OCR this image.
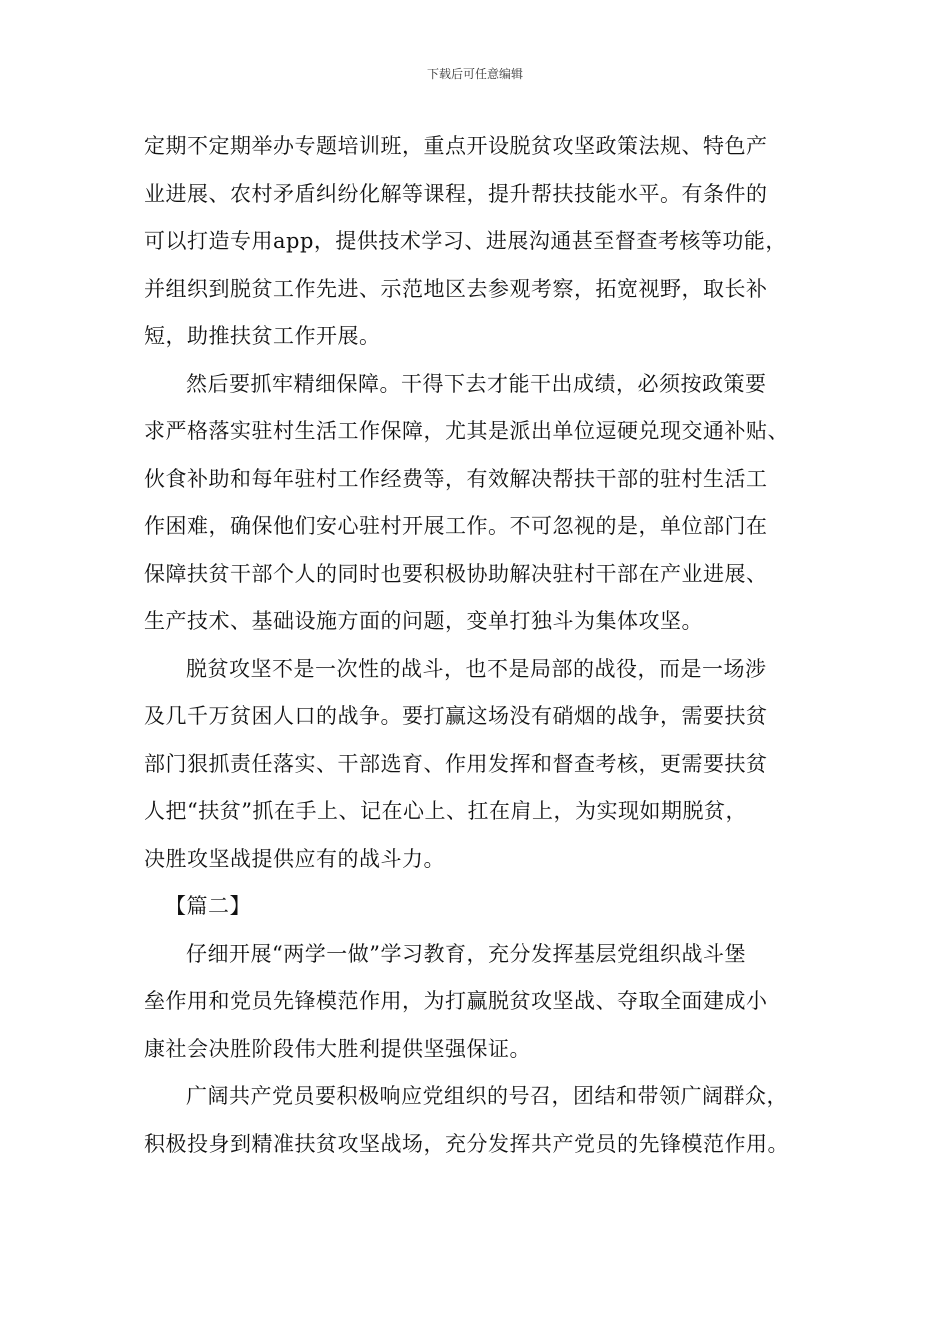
下载后可任意编辑

定期不定期举办专题培训班，重点开设脱贫攻坚政策法规、特色产
业进展、农村矛盾纠纷化解等课程，提升帮扶技能水平。有条件的
可以打造专用app，提供技术学习、进展沟通甚至督查考核等功能，
并组织到脱贫工作先进、示范地区去参观考察，拓宽视野，取长补
短，助推扶贫工作开展。

然后要抓牢精细保障。干得下去才能干出成绩，必须按政策要
求严格落实驻村生活工作保障，尤其是派出单位逗硬兑现交通补贴、
伙食补助和每年驻村工作经费等，有效解决帮扶干部的驻村生活工
作困难，确保他们安心驻村开展工作。不可忽视的是，单位部门在
保障扶贫干部个人的同时也要积极协助解决驻村干部在产业进展、
生产技术、基础设施方面的问题，变单打独斗为集体攻坚。

脱贫攻坚不是一次性的战斗，也不是局部的战役，而是一场涉
及几千万贫困人口的战争。要打赢这场没有硝烟的战争，需要扶贫
部门狠抓责任落实、干部选育、作用发挥和督查考核，更需要扶贫
人把“扶贫”抓在手上、记在心上、扛在肩上，为实现如期脱贫，
决胜攻坚战提供应有的战斗力。

【篇二】

仔细开展“两学一做”学习教育，充分发挥基层党组织战斗堡
垒作用和党员先锋模范作用，为打赢脱贫攻坚战、夺取全面建成小
康社会决胜阶段伟大胜利提供坚强保证。

广阔共产党员要积极响应党组织的号召，团结和带领广阔群众，
积极投身到精准扶贫攻坚战场，充分发挥共产党员的先锋模范作用。
